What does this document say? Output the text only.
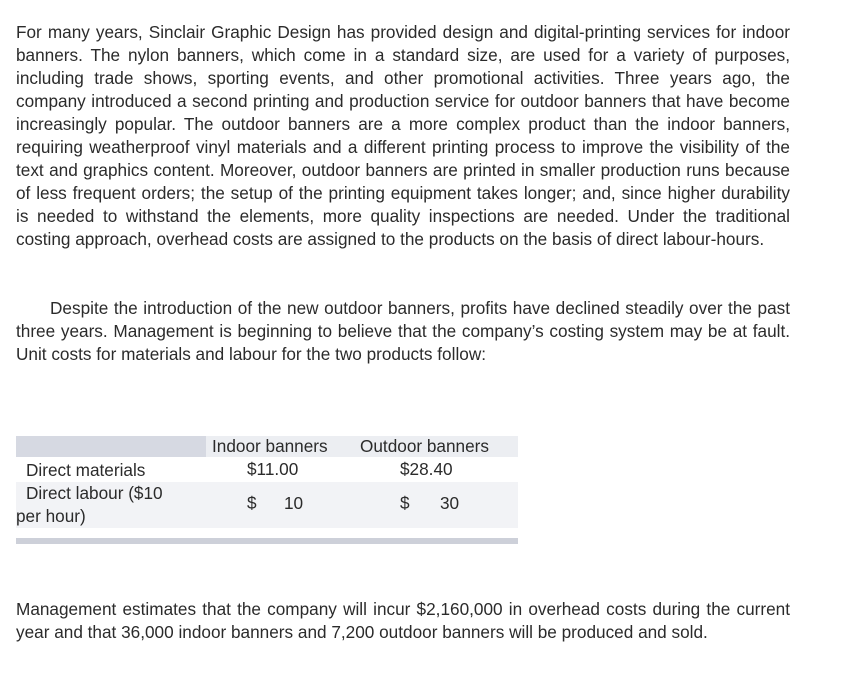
For many years, Sinclair Graphic Design has provided design and digital-printing services for indoor banners. The nylon banners, which come in a standard size, are used for a variety of purposes, including trade shows, sporting events, and other promotional activities. Three years ago, the company introduced a second printing and production service for outdoor banners that have become increasingly popular. The outdoor banners are a more complex product than the indoor banners, requiring weatherproof vinyl materials and a different printing process to improve the visibility of the text and graphics content. Moreover, outdoor banners are printed in smaller production runs because of less frequent orders; the setup of the printing equipment takes longer; and, since higher durability is needed to withstand the elements, more quality inspections are needed. Under the traditional costing approach, overhead costs are assigned to the products on the basis of direct labour-hours.

Despite the introduction of the new outdoor banners, profits have declined steadily over the past three years. Management is beginning to believe that the company’s costing system may be at fault. Unit costs for materials and labour for the two products follow:

Indoor banners Outdoor banners
Direct materials	$11.00	$28.40
Direct labour ($10
per hour)
$ 10	$ 30

Management estimates that the company will incur $2,160,000 in overhead costs during the current year and that 36,000 indoor banners and 7,200 outdoor banners will be produced and sold.
